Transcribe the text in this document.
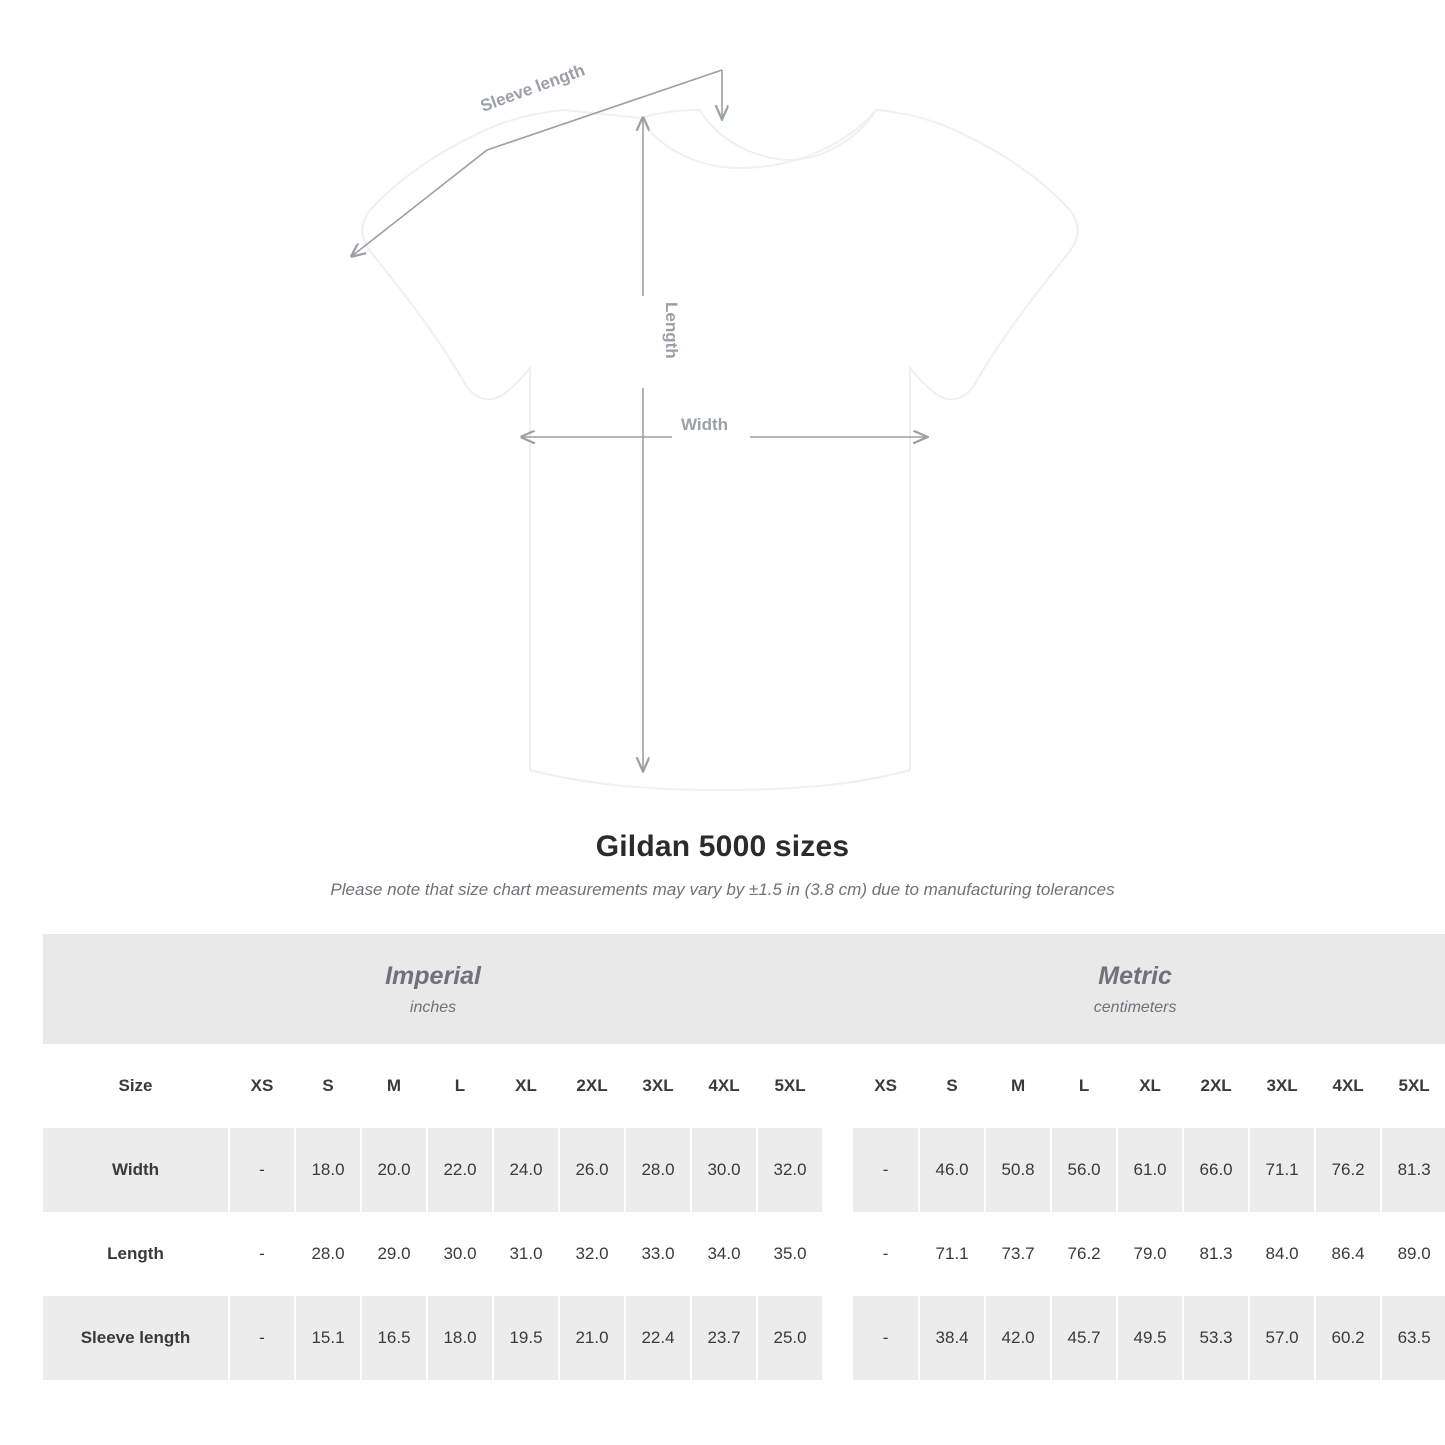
Sleeve length
Length
Width
Gildan 5000 sizes
Please note that size chart measurements may vary by ±1.5 in (3.8 cm) due to manufacturing tolerances
Imperial
inches

Metric
centimeters

Size	XS	S	M	L	XL	2XL	3XL	4XL	5XL		XS	S	M	L	XL	2XL	3XL	4XL	5XL
Width	-	18.0	20.0	22.0	24.0	26.0	28.0	30.0	32.0		-	46.0	50.8	56.0	61.0	66.0	71.1	76.2	81.3
Length	-	28.0	29.0	30.0	31.0	32.0	33.0	34.0	35.0		-	71.1	73.7	76.2	79.0	81.3	84.0	86.4	89.0
Sleeve length	-	15.1	16.5	18.0	19.5	21.0	22.4	23.7	25.0		-	38.4	42.0	45.7	49.5	53.3	57.0	60.2	63.5
